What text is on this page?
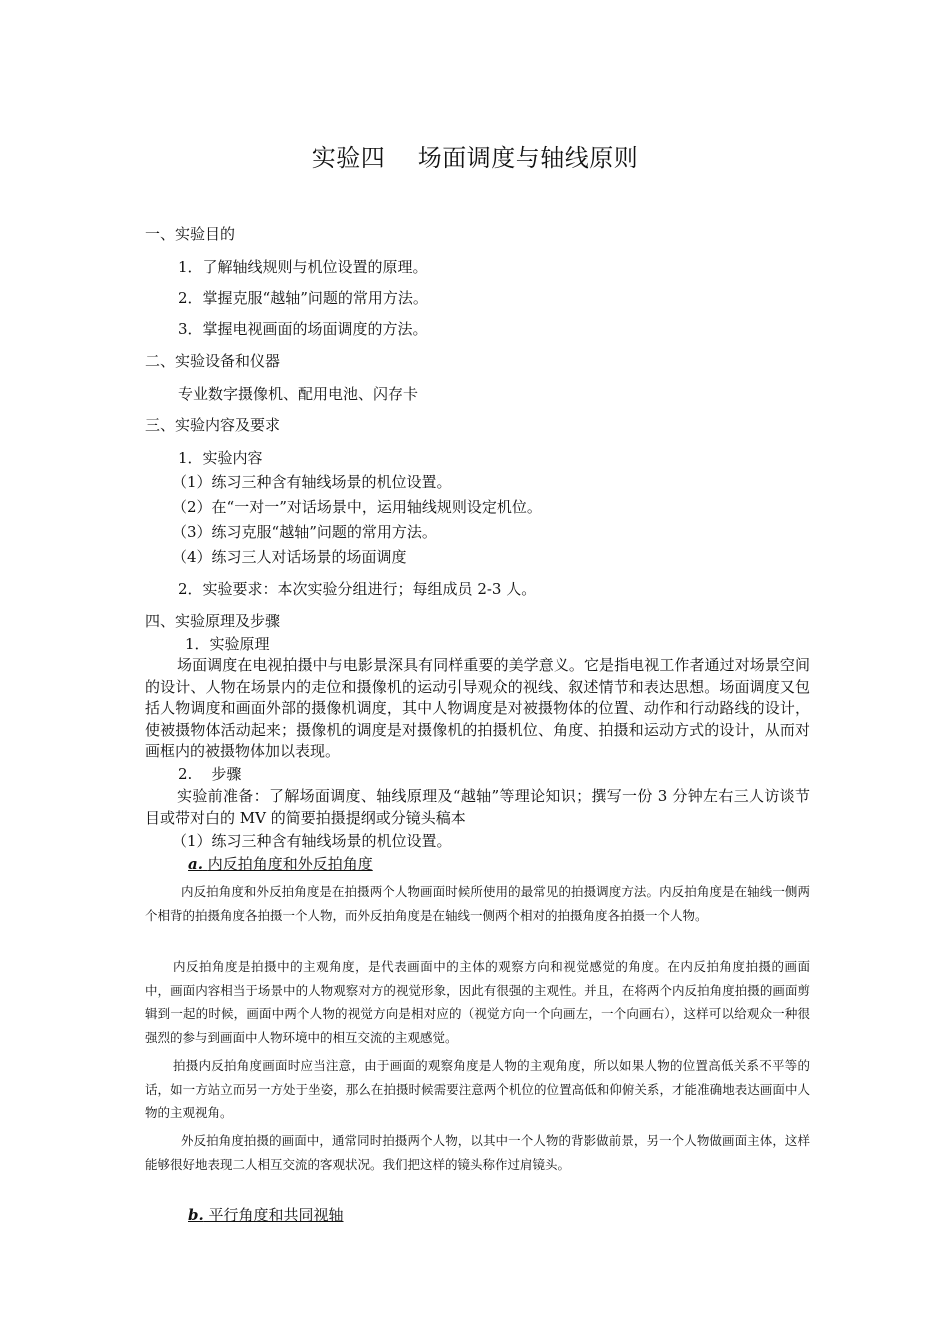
实验四    场面调度与轴线原则
一、实验目的
1．了解轴线规则与机位设置的原理。
2．掌握克服“越轴”问题的常用方法。
3．掌握电视画面的场面调度的方法。
二、实验设备和仪器
专业数字摄像机、配用电池、闪存卡
三、实验内容及要求
1．实验内容
（1）练习三种含有轴线场景的机位设置。
（2）在“一对一”对话场景中，运用轴线规则设定机位。
（3）练习克服“越轴”问题的常用方法。
（4）练习三人对话场景的场面调度
2．实验要求：本次实验分组进行；每组成员 2-3 人。
四、实验原理及步骤
1．实验原理
场面调度在电视拍摄中与电影景深具有同样重要的美学意义。它是指电视工作者通过对场景空间的设计、人物在场景内的走位和摄像机的运动引导观众的视线、叙述情节和表达思想。场面调度又包括人物调度和画面外部的摄像机调度，其中人物调度是对被摄物体的位置、动作和行动路线的设计，使被摄物体活动起来；摄像机的调度是对摄像机的拍摄机位、角度、拍摄和运动方式的设计，从而对画框内的被摄物体加以表现。
2.    步骤
实验前准备：了解场面调度、轴线原理及“越轴”等理论知识；撰写一份 3 分钟左右三人访谈节目或带对白的 MV 的简要拍摄提纲或分镜头稿本
（1）练习三种含有轴线场景的机位设置。
a. 内反拍角度和外反拍角度
内反拍角度和外反拍角度是在拍摄两个人物画面时候所使用的最常见的拍摄调度方法。内反拍角度是在轴线一侧两个相背的拍摄角度各拍摄一个人物，而外反拍角度是在轴线一侧两个相对的拍摄角度各拍摄一个人物。
内反拍角度是拍摄中的主观角度，是代表画面中的主体的观察方向和视觉感觉的角度。在内反拍角度拍摄的画面中，画面内容相当于场景中的人物观察对方的视觉形象，因此有很强的主观性。并且，在将两个内反拍角度拍摄的画面剪辑到一起的时候，画面中两个人物的视觉方向是相对应的（视觉方向一个向画左，一个向画右），这样可以给观众一种很强烈的参与到画面中人物环境中的相互交流的主观感觉。
拍摄内反拍角度画面时应当注意，由于画面的观察角度是人物的主观角度，所以如果人物的位置高低关系不平等的话，如一方站立而另一方处于坐姿，那么在拍摄时候需要注意两个机位的位置高低和仰俯关系，才能准确地表达画面中人物的主观视角。
外反拍角度拍摄的画面中，通常同时拍摄两个人物，以其中一个人物的背影做前景，另一个人物做画面主体，这样能够很好地表现二人相互交流的客观状况。我们把这样的镜头称作过肩镜头。
b. 平行角度和共同视轴
